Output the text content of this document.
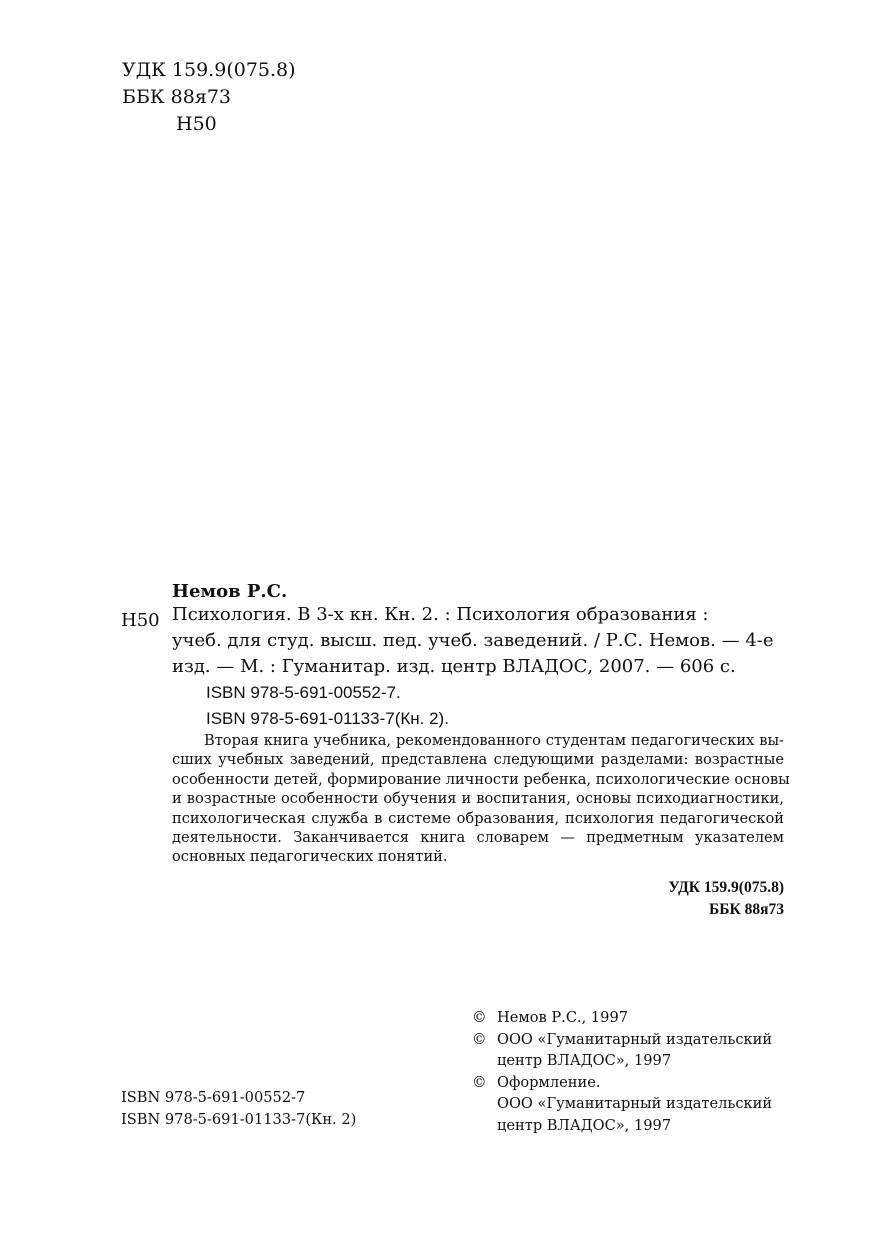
УДК 159.9(075.8)
ББК 88я73
Н50
Немов Р.С.
Н50 Психология. В 3-х кн. Кн. 2. : Психология образования :
учеб. для студ. высш. пед. учеб. заведений. / Р.С. Немов. — 4-е
изд. — М. : Гуманитар. изд. центр ВЛАДОС, 2007. — 606 с.
ISBN 978-5-691-00552-7.
ISBN 978-5-691-01133-7(Кн. 2).
Вторая книга учебника, рекомендованного студентам педагогических вы-
сших учебных заведений, представлена следующими разделами: возрастные
особенности детей, формирование личности ребенка, психологические основы
и возрастные особенности обучения и воспитания, основы психодиагностики,
психологическая служба в системе образования, психология педагогической
деятельности. Заканчивается книга словарем — предметным указателем
основных педагогических понятий.
УДК 159.9(075.8)
ББК 88я73
© Немов Р.С., 1997
© ООО «Гуманитарный издательский
центр ВЛАДОС», 1997
© Оформление.
ООО «Гуманитарный издательский
центр ВЛАДОС», 1997
ISBN 978-5-691-00552-7
ISBN 978-5-691-01133-7(Кн. 2)
